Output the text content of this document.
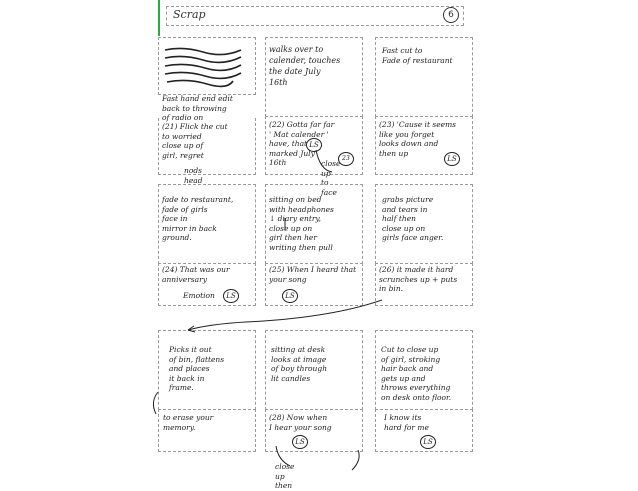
Scrap	6
Fast hand end edit
back to throwing
of radio on
(21) Flick the cut
to worried
close up of
girl, regret
nods head
walks over to
calender, touches
the date July
16th
(22) Gotta far far
' Mat calender '
have, that
marked July
16th
LS
23
close up
to face
Fast cut to
Fade of restaurant
(23) 'Cause it seems
like you forget
looks down and
then up
LS
fade to restaurant,
fade of girls
face in
mirror in back
ground.
(24) That was our
anniversary
Emotion	LS
sitting on bed
with headphones
↓ diary entry,
close up on
girl then her
writing then pull
(25) When I heard that
your song
LS
grabs picture
and tears in
half then
close up on
girls face anger.
(26) it made it hard
scrunches up + puts
in bin.
Picks it out
of bin, flattens
and places
it back in
frame.
to erase your
memory.
sitting at desk
looks at image
of boy through
lit candles
(28) Now when
I hear your song
LS
close up then
Cut to close up
of girl, stroking
hair back and
gets up and
throws everything
on desk onto floor.
I know its
hard for me
LS
